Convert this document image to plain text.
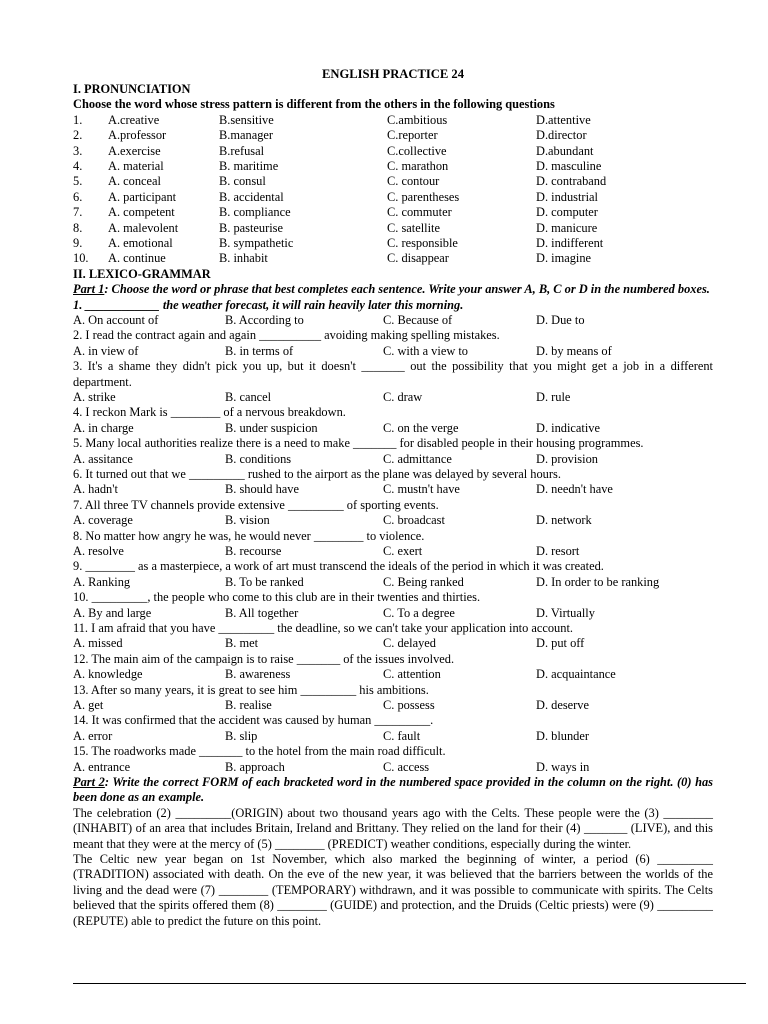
ENGLISH PRACTICE 24
I. PRONUNCIATION
Choose the word whose stress pattern is different from the others in the following questions
1. A.creative	B.sensitive	C.ambitious	D.attentive
2. A.professor	B.manager	C.reporter	D.director
3. A.exercise	B.refusal	C.collective	D.abundant
4. A. material	B. maritime	C. marathon	D. masculine
5. A. conceal	B. consul	C. contour	D. contraband
6. A. participant	B. accidental	C. parentheses	D. industrial
7. A. competent	B. compliance	C. commuter	D. computer
8. A. malevolent	B. pasteurise	C. satellite	D. manicure
9. A. emotional	B. sympathetic	C. responsible	D. indifferent
10. A. continue	B. inhabit	C. disappear	D. imagine
II. LEXICO-GRAMMAR
Part 1: Choose the word or phrase that best completes each sentence. Write your answer A, B, C or D in the numbered boxes.
1. ____________ the weather forecast, it will rain heavily later this morning.
A. On account of	B. According to	C. Because of	D. Due to
2. I read the contract again and again __________ avoiding making spelling mistakes.
A. in view of	B. in terms of	C. with a view to	D. by means of
3. It's a shame they didn't pick you up, but it doesn't _______ out the possibility that you might get a job in a different department.
A. strike	B. cancel	C. draw	D. rule
4. I reckon Mark is ________ of a nervous breakdown.
A. in charge	B. under suspicion	C. on the verge	D. indicative
5. Many local authorities realize there is a need to make _______ for disabled people in their housing programmes.
A. assitance	B. conditions	C. admittance	D. provision
6. It turned out that we _________ rushed to the airport as the plane was delayed by several hours.
A. hadn't	B. should have	C. mustn't have	D. needn't have
7. All three TV channels provide extensive _________ of sporting events.
A. coverage	B. vision	C. broadcast	D. network
8. No matter how angry he was, he would never ________ to violence.
A. resolve	B. recourse	C. exert	D. resort
9. ________ as a masterpiece, a work of art must transcend the ideals of the period in which it was created.
A. Ranking	B. To be ranked	C. Being ranked	D. In order to be ranking
10. _________, the people who come to this club are in their twenties and thirties.
A. By and large	B. All together	C. To a degree	D. Virtually
11. I am afraid that you have _________ the deadline, so we can't take your application into account.
A. missed	B. met	C. delayed	D. put off
12. The main aim of the campaign is to raise _______ of the issues involved.
A. knowledge	B. awareness	C. attention	D. acquaintance
13. After so many years, it is great to see him _________ his ambitions.
A. get	B. realise	C. possess	D. deserve
14. It was confirmed that the accident was caused by human _________.
A. error	B. slip	C. fault	D. blunder
15. The roadworks made _______ to the hotel from the main road difficult.
A. entrance	B. approach	C. access	D. ways in
Part 2: Write the correct FORM of each bracketed word in the numbered space provided in the column on the right. (0) has been done as an example.
The celebration (2) _________(ORIGIN) about two thousand years ago with the Celts. These people were the (3) ________ (INHABIT) of an area that includes Britain, Ireland and Brittany. They relied on the land for their (4) _______ (LIVE), and this meant that they were at the mercy of (5) ________ (PREDICT) weather conditions, especially during the winter.
The Celtic new year began on 1st November, which also marked the beginning of winter, a period (6) _________ (TRADITION) associated with death. On the eve of the new year, it was believed that the barriers between the worlds of the living and the dead were (7) ________ (TEMPORARY) withdrawn, and it was possible to communicate with spirits. The Celts believed that the spirits offered them (8) ________ (GUIDE) and protection, and the Druids (Celtic priests) were (9) _________ (REPUTE) able to predict the future on this point.
